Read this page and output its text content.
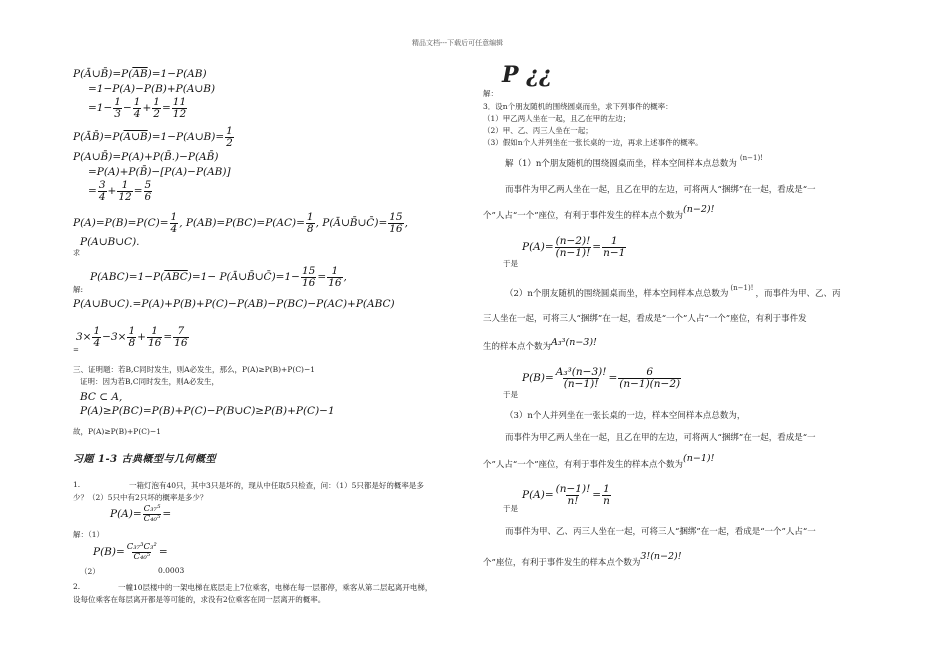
精品文档---下载后可任意编辑
$P(Ā\cup B̄)=P(\overline{AB})=1-P(AB)$
=1−P(A)−P(B)+P(A∪B)
$=1- \frac{1}{3} - \frac{1}{4} + \frac{1}{2} = \frac{11}{12}$
P(ĀB̄)=P(A∪B)=1−P(A∪B)= $\frac{1}{2}$
P(A∪B̄)=P(A)+P(B̄.)−P(AB̄)
=P(A)+P(B̄)−[P(A)−P(AB)]
= $\frac{3}{4} + \frac{1}{12} = \frac{5}{6}$
$P(A)=P(B)=P(C)= \frac{1}{4}$ , $P(AB)=P(BC)=P(AC)= \frac{1}{8}$ , P(Ā∪B̄∪C̄)= $\frac{15}{16}$ ,
P(A∪B∪C).
求
$P(ABC)=1-P(\overline{ABC})=1-$ P(Ā∪B̄∪C̄)=1− $\frac{15}{16} = \frac{1}{16}$ ,
解:
P(A∪B∪C).=P(A)+P(B)+P(C)−P(AB)−P(BC)−P(AC)+P(ABC)
$3\times \frac{1}{4} -3\times \frac{1}{8} + \frac{1}{16} = \frac{7}{16}$
=
三、证明题：若B,C同时发生，则A必发生，那么，P(A)≥P(B)+P(C)−1
证明：因为若B,C同时发生，则A必发生，
BC ⊂ A,
P(A)≥P(BC)=P(B)+P(C)−P(B∪C)≥P(B)+P(C)−1
故，P(A)≥P(B)+P(C)−1
习题 1-3 古典概型与几何概型
1.	一箱灯泡有40只，其中3只是坏的，现从中任取5只检查，问：（1）5只都是好的概率是多
少？（2）5只中有2只坏的概率是多少？
$P(A)= \frac{\text{C₃₇⁵}}{\text{C₄₀⁵}}$ =
解：（1）
$P(B)= \frac{\text{C₃₇³C₃²}}{\text{C₄₀⁵}}$ =
（2）	0.0003
2.	一幢10层楼中的一架电梯在底层走上7位乘客，电梯在每一层都停，乘客从第二层起离开电梯，
设每位乘客在每层离开都是等可能的，求没有2位乘客在同一层离开的概率。
P ¿¿
解：
3．设n个朋友随机的围绕圆桌而坐，求下列事件的概率：
（1）甲乙两人坐在一起，且乙在甲的左边；
（2）甲、乙、丙三人坐在一起；
（3）假如n个人并列坐在一张长桌的一边，再求上述事件的概率。
解（1）n个朋友随机的围绕圆桌而坐，样本空间样本点总数为$^{(n-1)!}$
而事件为甲乙两人坐在一起，且乙在甲的左边，可将两人“捆绑”在一起，看成是“一
个”人占“一个”座位，有利于事件发生的样本点个数为(n−2)!
$P(A)= \frac{(n-2)!}{(n-1)!} = \frac{1}{n-1}$
于是
（2）n个朋友随机的围绕圆桌而坐，样本空间样本点总数为$^{(n-1)!}$，而事件为甲、乙、丙
三人坐在一起，可将三人“捆绑”在一起，看成是“一个”人占“一个”座位，有利于事件发
生的样本点个数为A₃³(n−3)!
$P(B)= \frac{\text{A₃³(n−3)!}}{(n-1)!} = \frac{6}{(n-1)(n-2)}$
于是
（3）n个人并列坐在一张长桌的一边，样本空间样本点总数为，
而事件为甲乙两人坐在一起，且乙在甲的左边，可将两人“捆绑”在一起，看成是“一
个”人占“一个”座位，有利于事件发生的样本点个数为(n−1)!
$P(A)= \frac{(n-1)!}{n!} = \frac{1}{n}$
于是
而事件为甲、乙、丙三人坐在一起，可将三人“捆绑”在一起，看成是“一个”人占“一
个”座位，有利于事件发生的样本点个数为3!(n−2)!
